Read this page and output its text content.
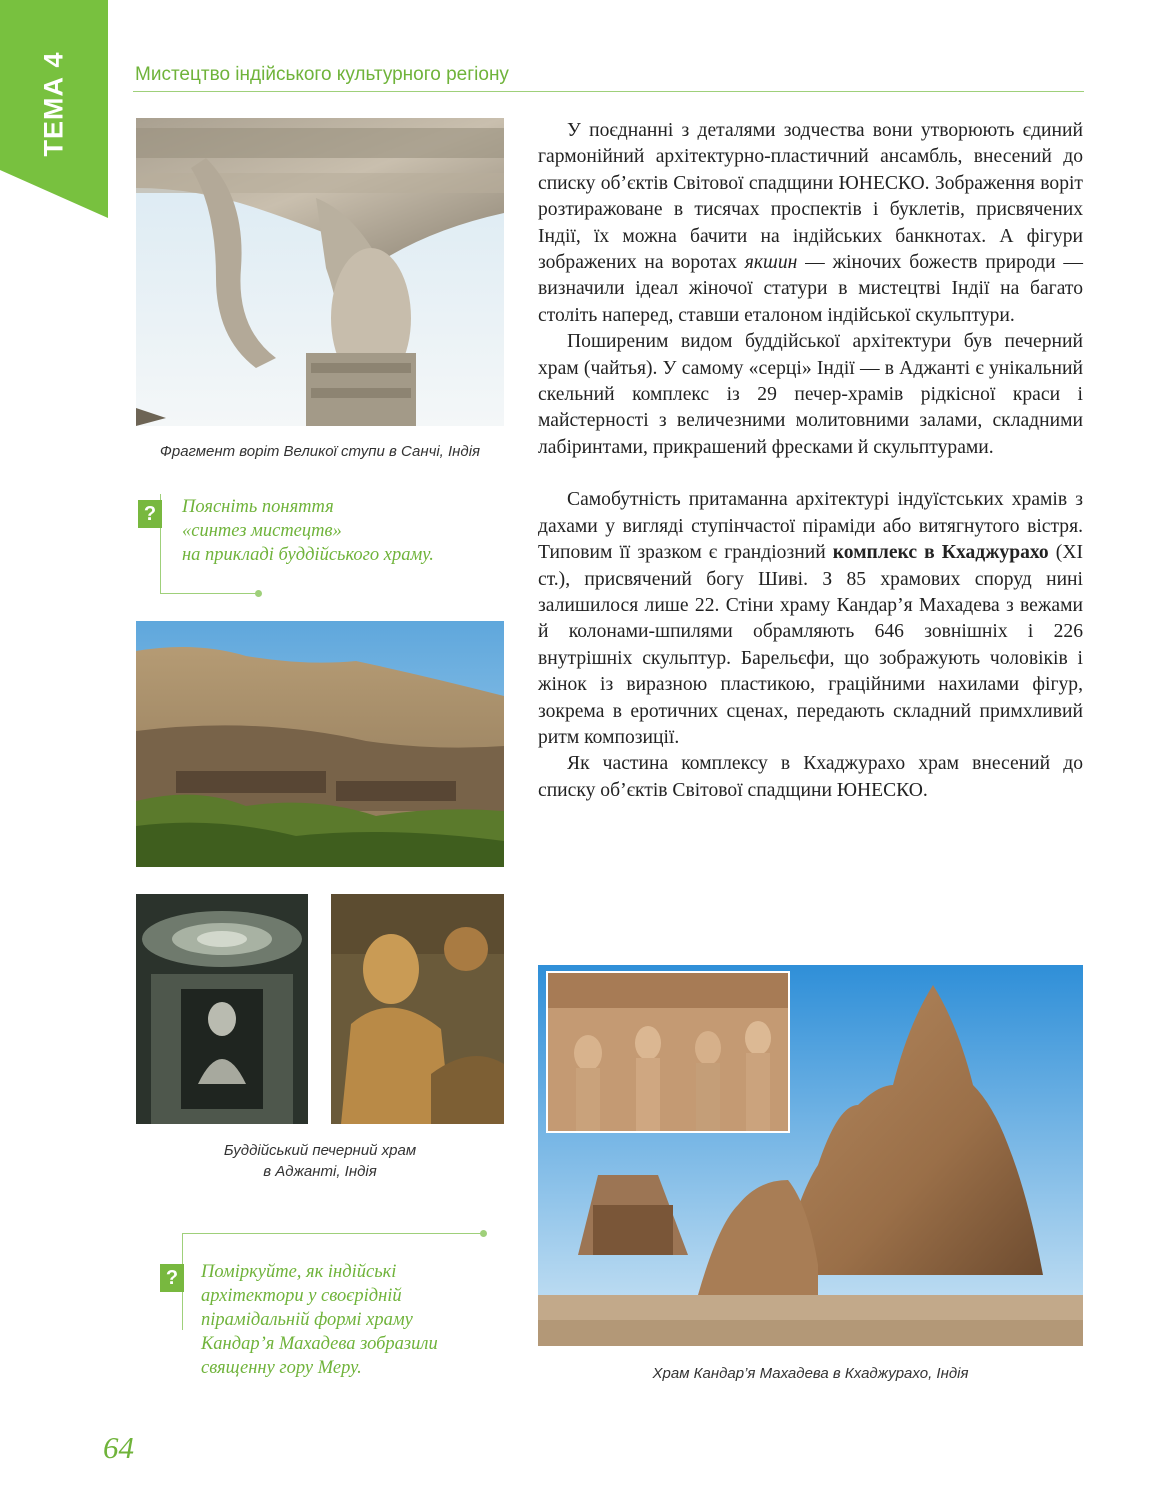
ТЕМА 4	Мистецтво індійського культурного регіону
Фрагмент воріт Великої ступи в Санчі, Індія
?	Поясніть поняття
«синтез мистецтв»
на прикладі буддійського храму.
Буддійський печерний храм
в Аджанті, Індія
?	Поміркуйте, як індійські
архітектори у своєрідній
пірамідальній формі храму
Кандар’я Махадева зобразили
священну гору Меру.

У поєднанні з деталями зодчества вони утворюють єдиний гармонійний архітектурно-пластичний ансамбль, внесений до списку об’єктів Світової спадщини ЮНЕСКО. Зображення воріт розтиражоване в тисячах проспектів і буклетів, присвячених Індії, їх можна бачити на індійських банкнотах. А фігури зображених на воротах якшин — жіночих божеств природи — визначили ідеал жіночої статури в мистецтві Індії на багато століть наперед, ставши еталоном індійської скульптури.

Поширеним видом буддійської архітектури був печерний храм (чайтья). У самому «серці» Індії — в Аджанті є унікальний скельний комплекс із 29 печер-храмів рідкісної краси і майстерності з величезними молитовними залами, складними лабіринтами, прикрашений фресками й скульптурами.

Самобутність притаманна архітектурі індуїстських храмів з дахами у вигляді ступінчастої піраміди або витягнутого вістря. Типовим її зразком є грандіозний комплекс в Кхаджурахо (XI ст.), присвячений богу Шиві. З 85 храмових споруд нині залишилося лише 22. Стіни храму Кандар’я Махадева з вежами й колонами-шпилями обрамляють 646 зовнішніх і 226 внутрішніх скульптур. Барельєфи, що зображують чоловіків і жінок із виразною пластикою, граційними нахилами фігур, зокрема в еротичних сценах, передають складний примхливий ритм композиції.

Як частина комплексу в Кхаджурахо храм внесений до списку об’єктів Світової спадщини ЮНЕСКО.

Храм Кандар’я Махадева в Кхаджурахо, Індія
64
